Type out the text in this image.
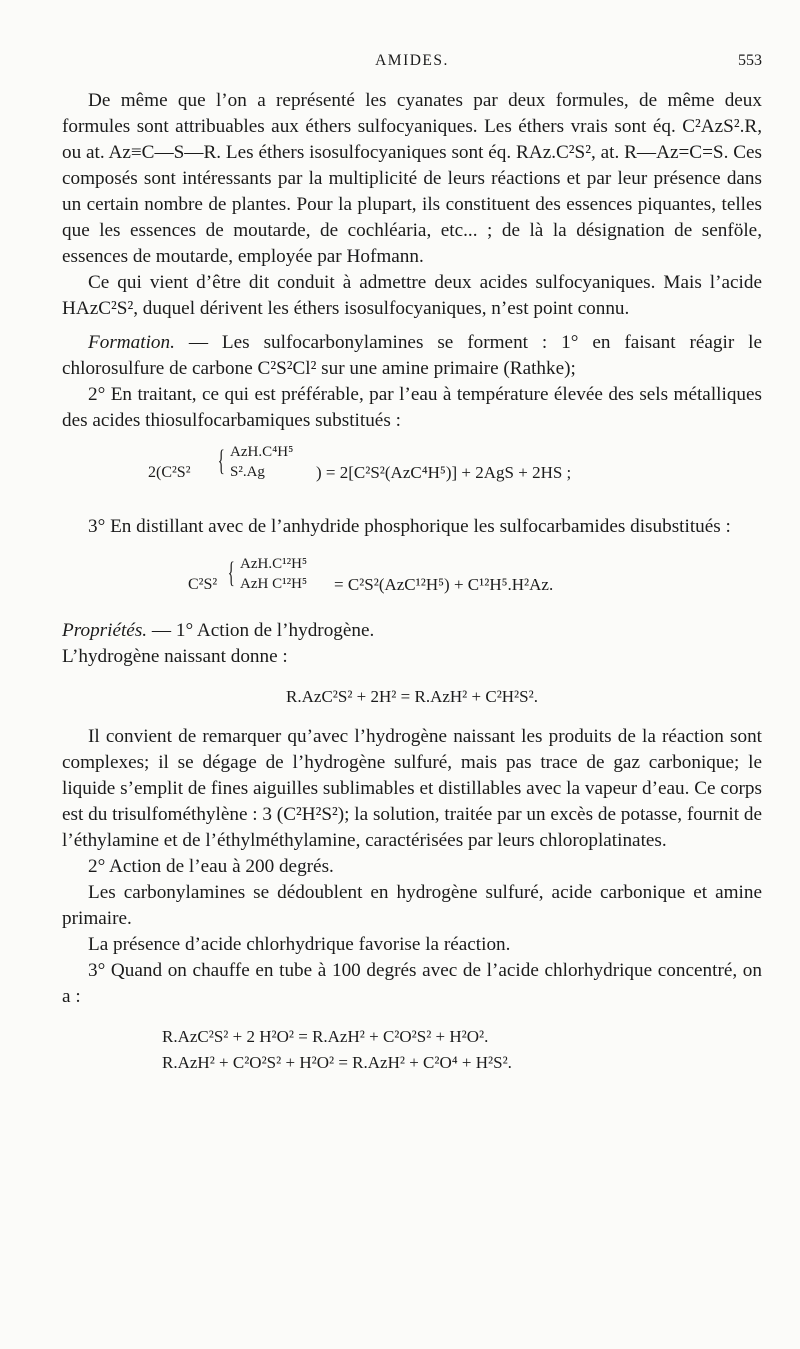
AMIDES.	553

De même que l’on a représenté les cyanates par deux formules, de même deux formules sont attribuables aux éthers sulfocyaniques. Les éthers vrais sont éq. C²AzS².R, ou at. Az≡C—S—R. Les éthers isosulfocyaniques sont éq. RAz.C²S², at. R—Az=C=S. Ces composés sont intéressants par la multiplicité de leurs réactions et par leur présence dans un certain nombre de plantes. Pour la plupart, ils constituent des essences piquantes, telles que les essences de moutarde, de cochléaria, etc... ; de là la désignation de senföle, essences de moutarde, employée par Hofmann.

Ce qui vient d’être dit conduit à admettre deux acides sulfocyaniques. Mais l’acide HAzC²S², duquel dérivent les éthers isosulfocyaniques, n’est point connu.

Formation. — Les sulfocarbonylamines se forment : 1° en faisant réagir le chlorosulfure de carbone C²S²Cl² sur une amine primaire (Rathke);

2° En traitant, ce qui est préférable, par l’eau à température élevée des sels métalliques des acides thiosulfocarbamiques substitués :

2(C²S² { AzH.C⁴H⁵
S².Ag	) = 2[C²S²(AzC⁴H⁵)] + 2AgS + 2HS ;

3° En distillant avec de l’anhydride phosphorique les sulfocarbamides disubstitués :

C²S² { AzH.C¹²H⁵
AzH C¹²H⁵ = C²S²(AzC¹²H⁵) + C¹²H⁵.H²Az.

Propriétés. — 1° Action de l’hydrogène.

L’hydrogène naissant donne :

R.AzC²S² + 2H² = R.AzH² + C²H²S².

Il convient de remarquer qu’avec l’hydrogène naissant les produits de la réaction sont complexes; il se dégage de l’hydrogène sulfuré, mais pas trace de gaz carbonique; le liquide s’emplit de fines aiguilles sublimables et distillables avec la vapeur d’eau. Ce corps est du trisulfométhylène : 3 (C²H²S²); la solution, traitée par un excès de potasse, fournit de l’éthylamine et de l’éthylméthylamine, caractérisées par leurs chloroplatinates.

2° Action de l’eau à 200 degrés.

Les carbonylamines se dédoublent en hydrogène sulfuré, acide carbonique et amine primaire.

La présence d’acide chlorhydrique favorise la réaction.

3° Quand on chauffe en tube à 100 degrés avec de l’acide chlorhydrique concentré, on a :

R.AzC²S² + 2 H²O² = R.AzH² + C²O²S² + H²O².
R.AzH² + C²O²S² + H²O² = R.AzH² + C²O⁴ + H²S².
